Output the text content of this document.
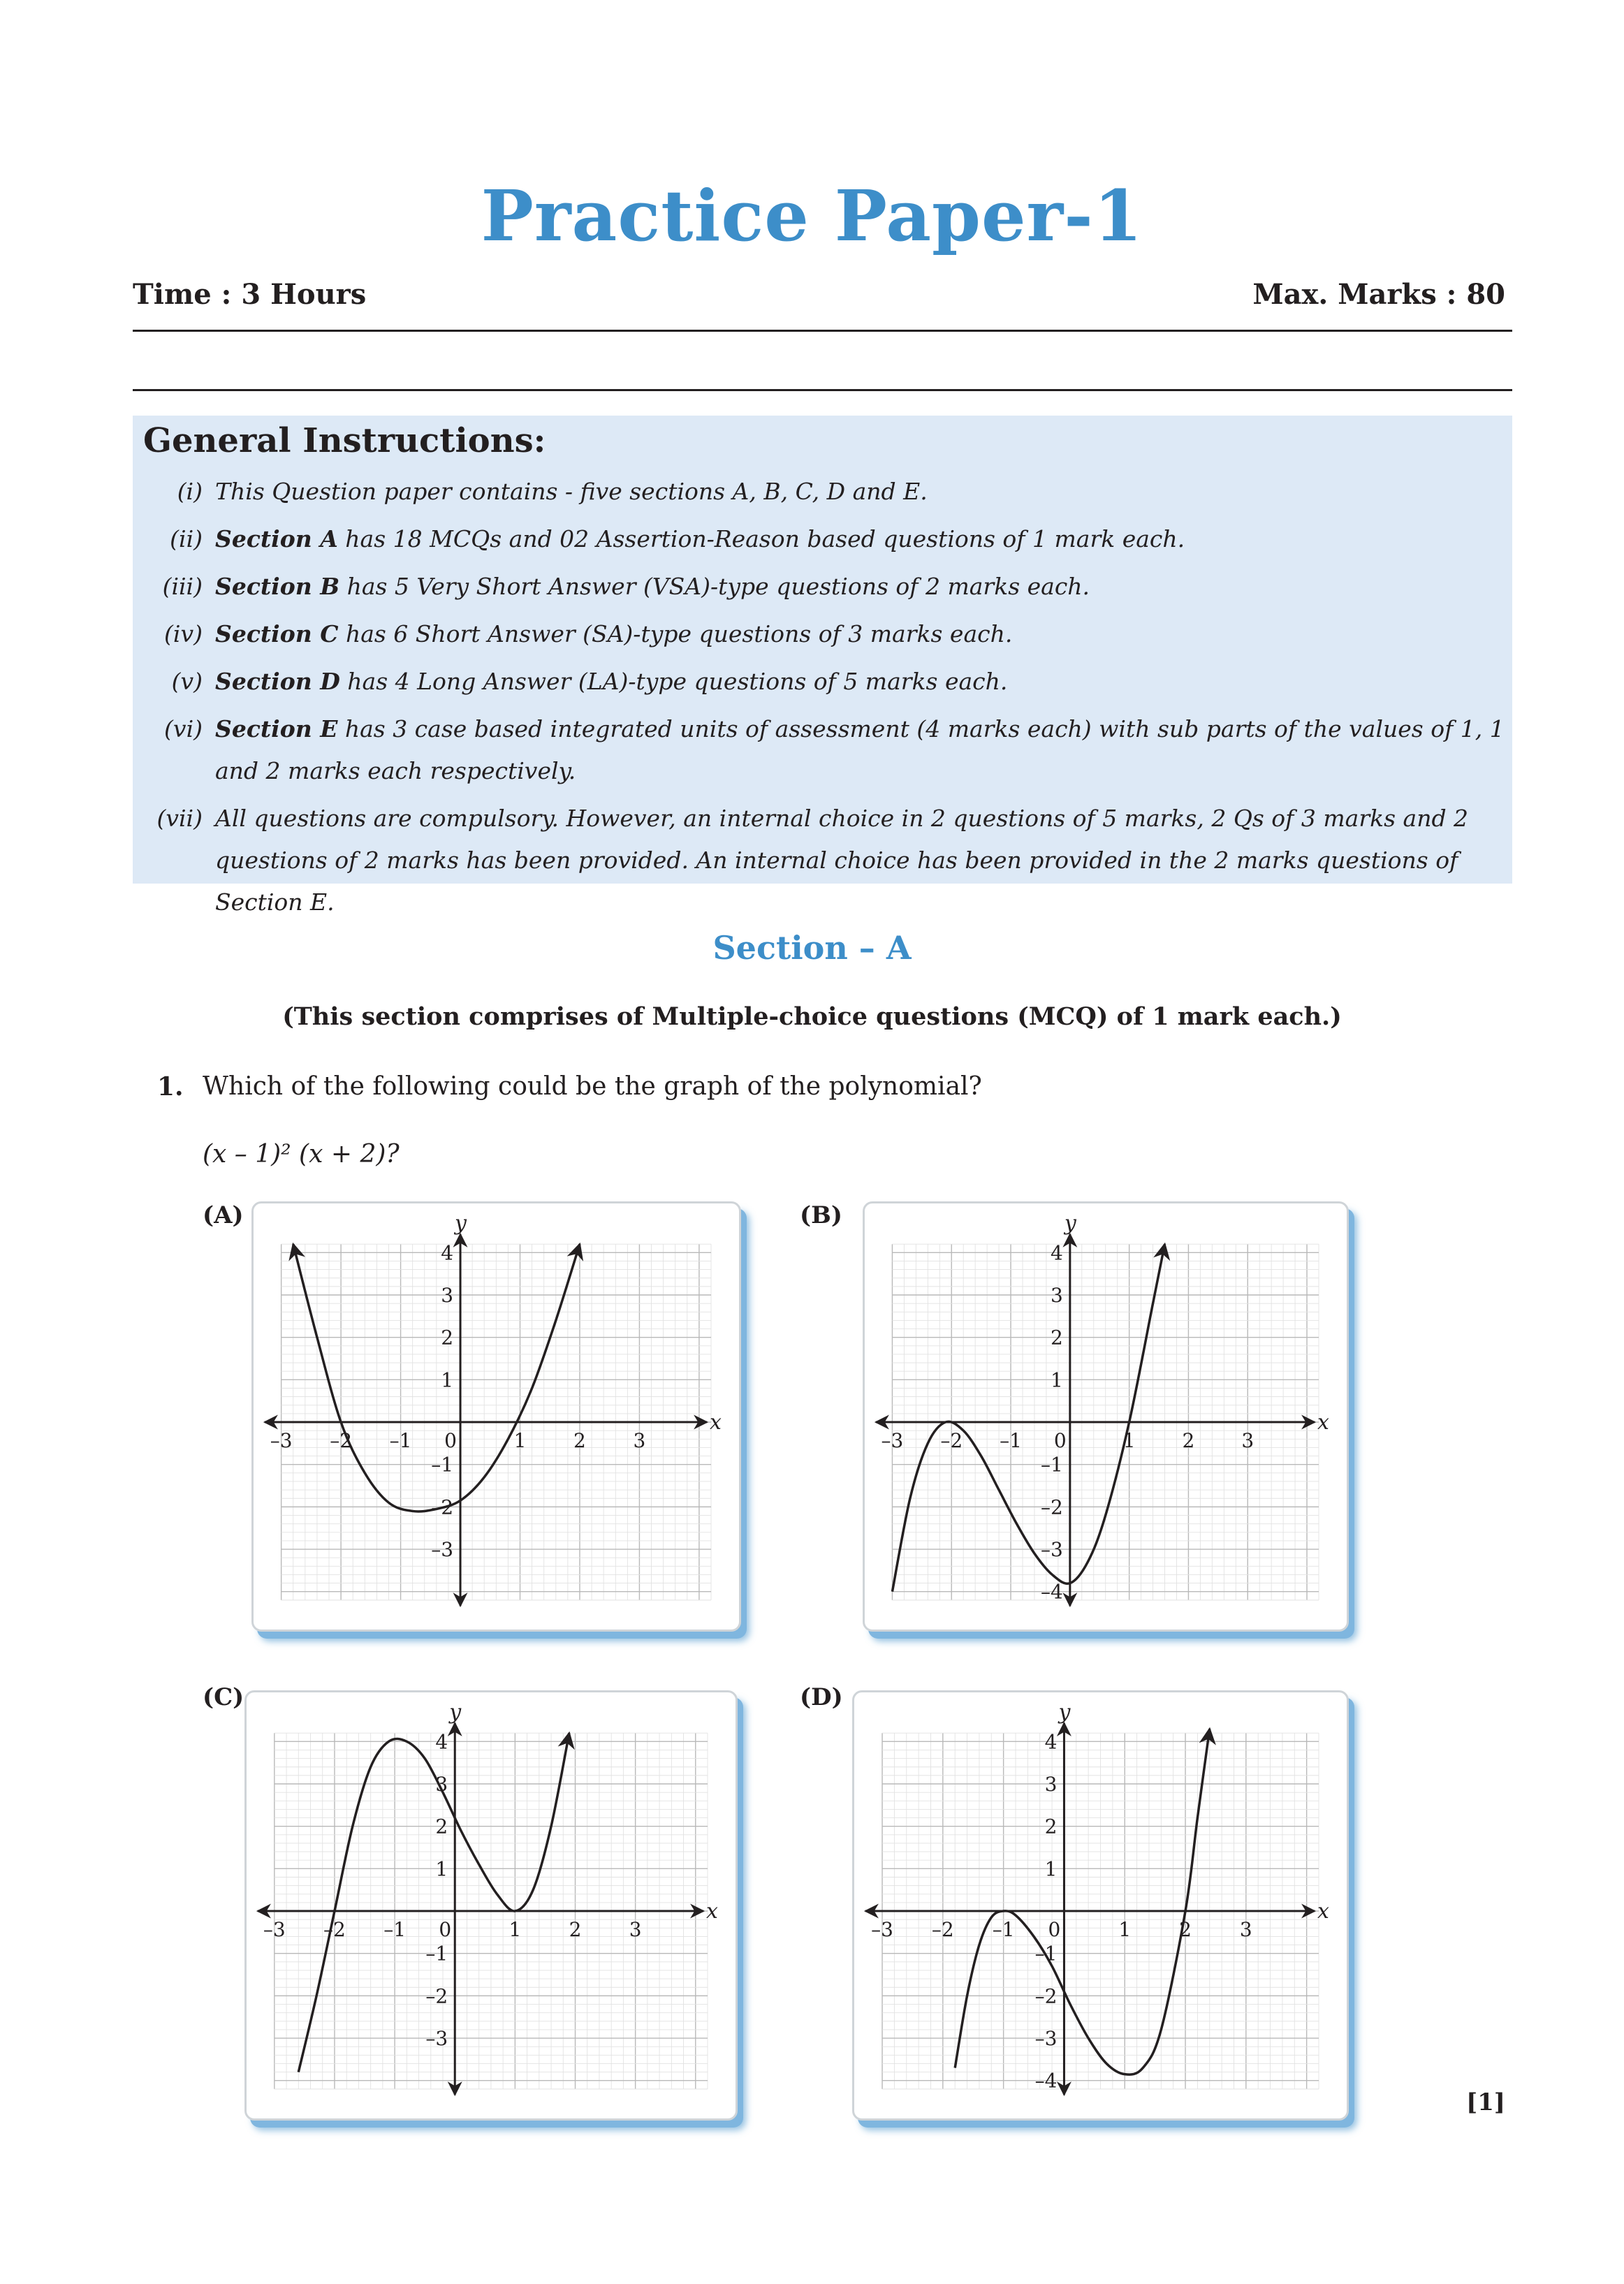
Practice Paper-1
Time : 3 Hours	Max. Marks : 80
General Instructions:
(i) This Question paper contains - five sections A, B, C, D and E.
(ii) Section A has 18 MCQs and 02 Assertion-Reason based questions of 1 mark each.
(iii) Section B has 5 Very Short Answer (VSA)-type questions of 2 marks each.
(iv) Section C has 6 Short Answer (SA)-type questions of 3 marks each.
(v) Section D has 4 Long Answer (LA)-type questions of 5 marks each.
(vi) Section E has 3 case based integrated units of assessment (4 marks each) with sub parts of the values of 1, 1 and 2 marks each respectively.
(vii) All questions are compulsory. However, an internal choice in 2 questions of 5 marks, 2 Qs of 3 marks and 2 questions of 2 marks has been provided. An internal choice has been provided in the 2 marks questions of Section E.
Section – A
(This section comprises of Multiple-choice questions (MCQ) of 1 mark each.)
1. Which of the following could be the graph of the polynomial?
(x – 1)² (x + 2)?
(A)
x
y
–3 –2 –1 0	1 2 3
4
3
2
1
–1
–2
–3
(B)
x
y
–3 –2 –1 0	1 2 3
4
3
2
1
–1
–2
–3
–4
(C)
x
y
–3 –2 –1 0	1 2 3
4
3
2
1
–1
–2
–3
(D)
x
y
–3 –2 –1 0	1 2 3
4
3
2
1
–1
–2
–3
–4
[1]
